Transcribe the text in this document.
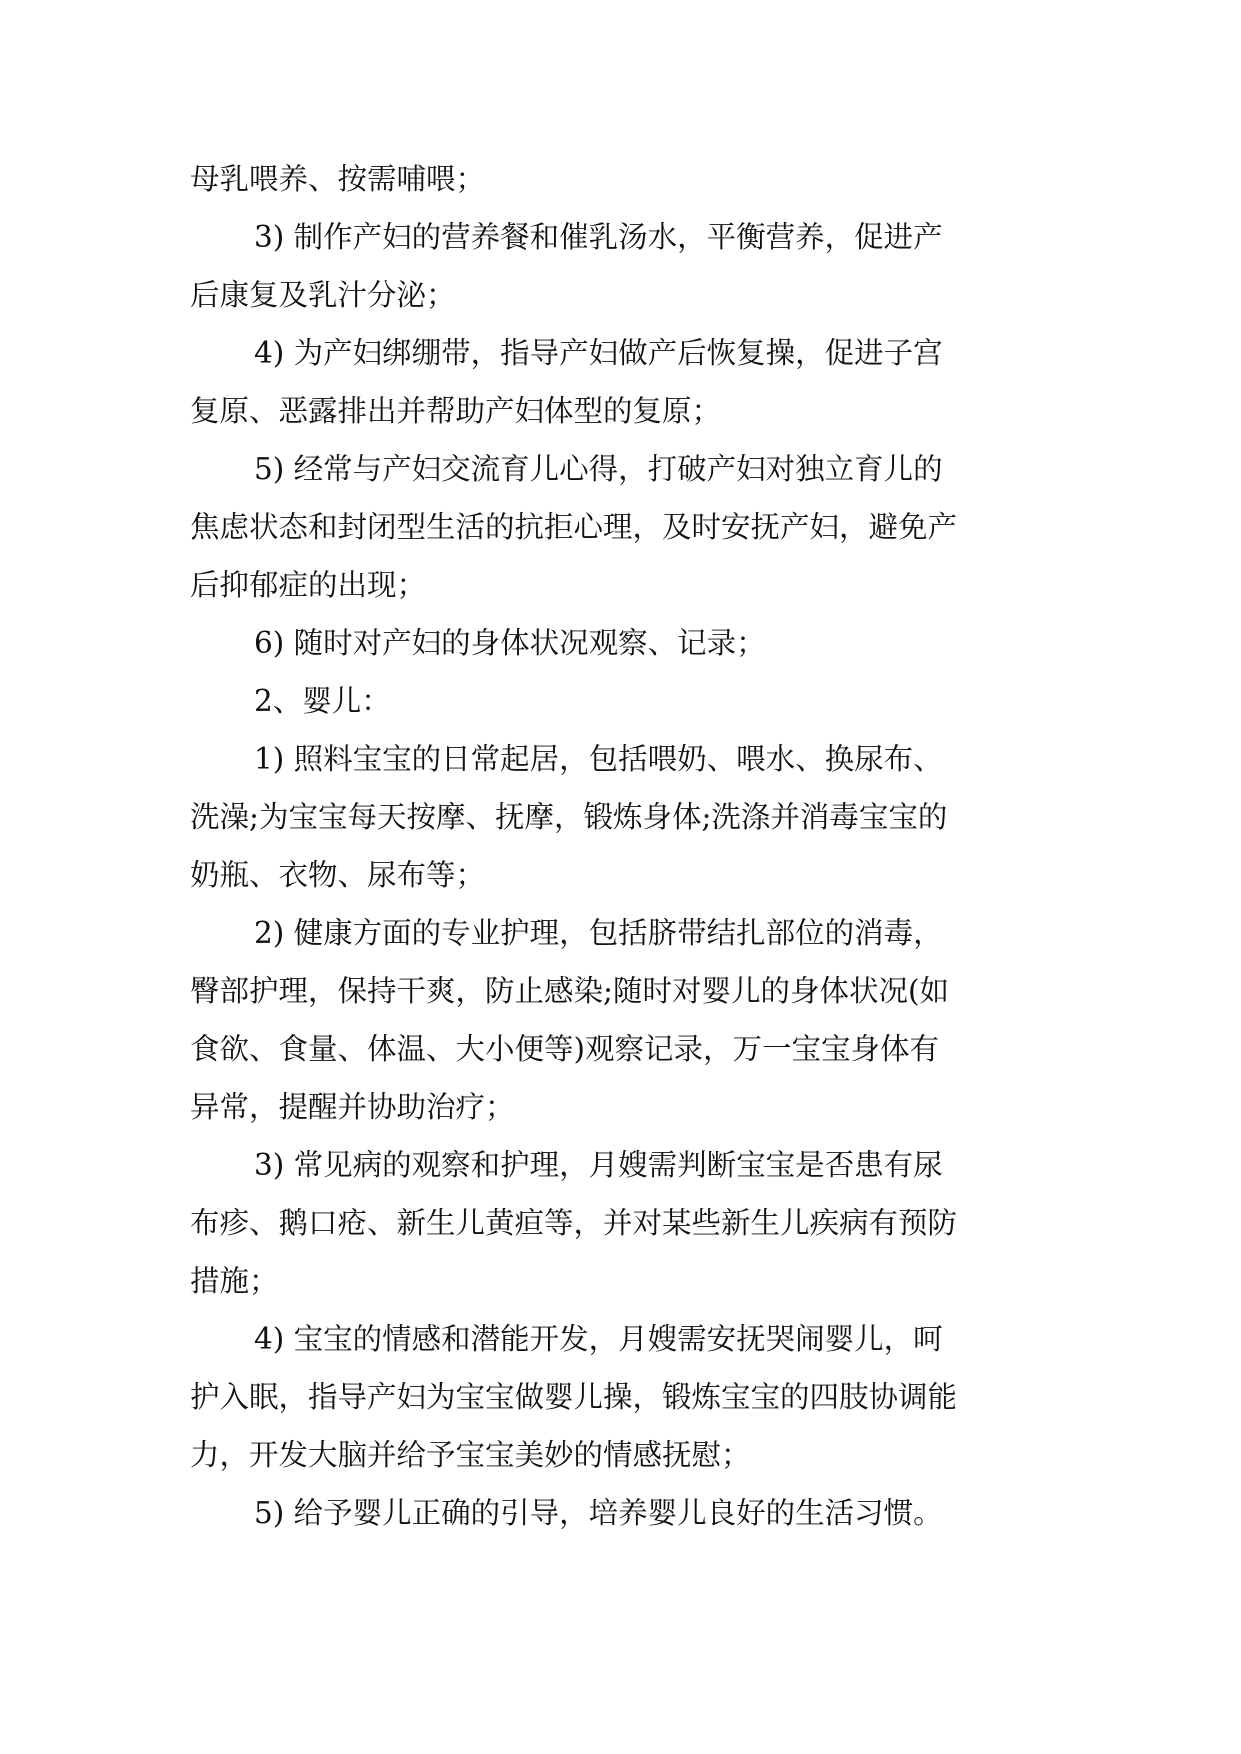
母乳喂养、按需哺喂；
3) 制作产妇的营养餐和催乳汤水，平衡营养，促进产
后康复及乳汁分泌；
4) 为产妇绑绷带，指导产妇做产后恢复操，促进子宫
复原、恶露排出并帮助产妇体型的复原；
5) 经常与产妇交流育儿心得，打破产妇对独立育儿的
焦虑状态和封闭型生活的抗拒心理，及时安抚产妇，避免产
后抑郁症的出现；
6) 随时对产妇的身体状况观察、记录；
2、婴儿：
1) 照料宝宝的日常起居，包括喂奶、喂水、换尿布、
洗澡;为宝宝每天按摩、抚摩，锻炼身体;洗涤并消毒宝宝的
奶瓶、衣物、尿布等；
2) 健康方面的专业护理，包括脐带结扎部位的消毒，
臀部护理，保持干爽，防止感染;随时对婴儿的身体状况(如
食欲、食量、体温、大小便等)观察记录，万一宝宝身体有
异常，提醒并协助治疗；
3) 常见病的观察和护理，月嫂需判断宝宝是否患有尿
布疹、鹅口疮、新生儿黄疸等，并对某些新生儿疾病有预防
措施；
4) 宝宝的情感和潜能开发，月嫂需安抚哭闹婴儿，呵
护入眠，指导产妇为宝宝做婴儿操，锻炼宝宝的四肢协调能
力，开发大脑并给予宝宝美妙的情感抚慰；
5) 给予婴儿正确的引导，培养婴儿良好的生活习惯。
